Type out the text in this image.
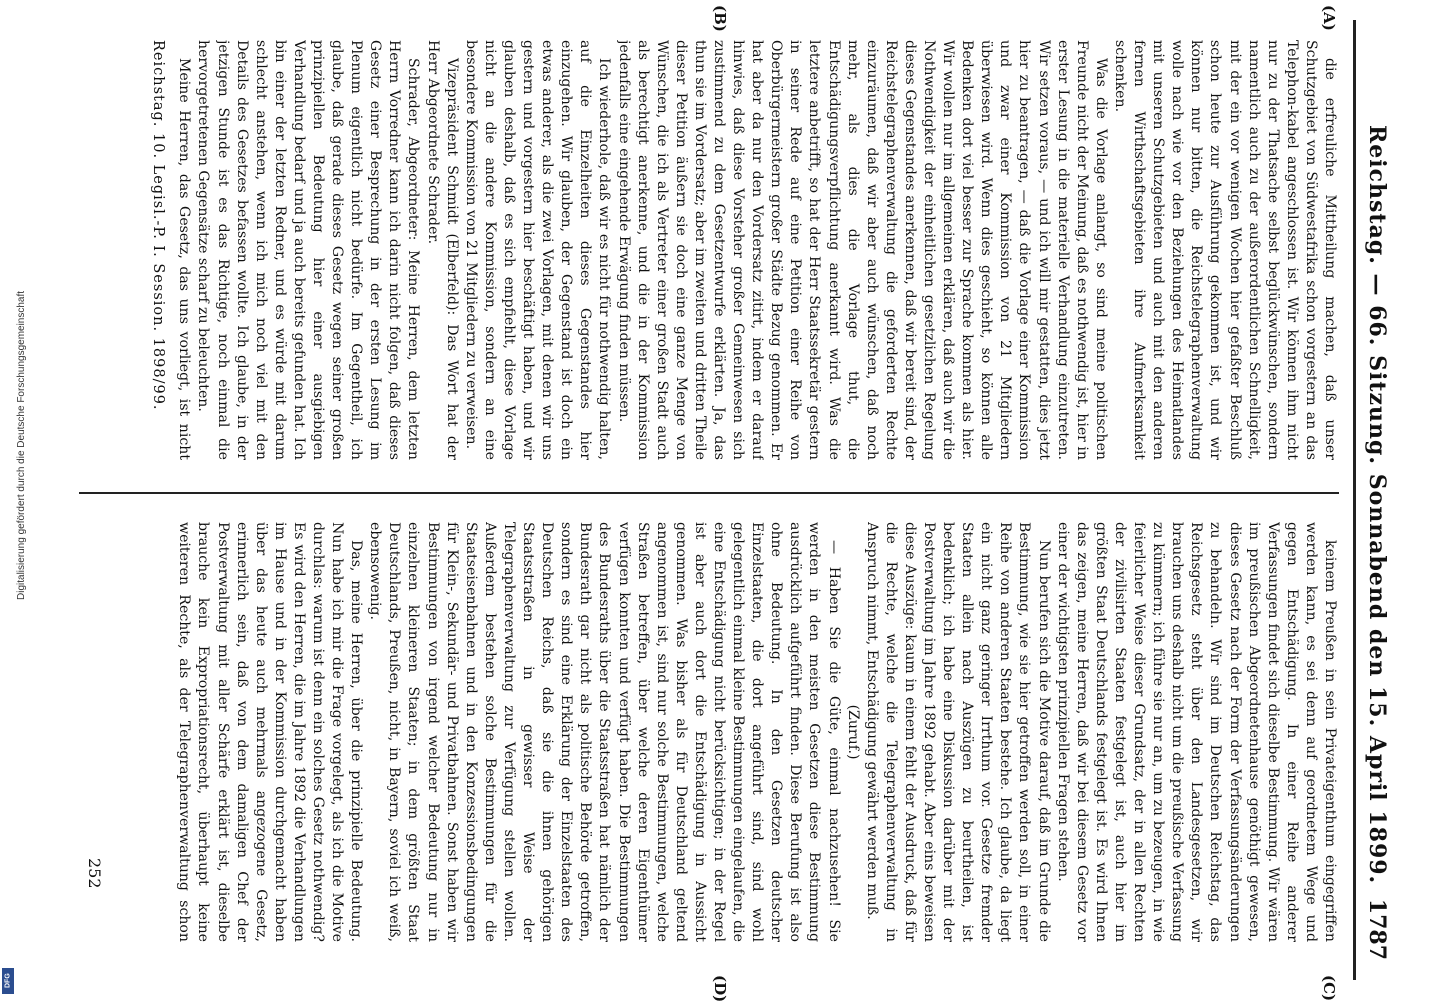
Digitalisierung gefördert durch die Deutsche Forschungsgemeinschaft
DFG
Reichstag. — 66. Sitzung. Sonnabend den 15. April 1899.
1787
(A)
(B)
(C)
(D)

die erfreuliche Mittheilung machen, daß unser Schutzgebiet von Südwestafrika schon vorgestern an das Telephon-kabel angeschlossen ist. Wir können ihm nicht nur zu der Thatsache selbst beglückwünschen, sondern namentlich auch zu der außerordentlichen Schnelligkeit, mit der ein vor wenigen Wochen hier gefaßter Beschluß schon heute zur Ausführung gekommen ist, und wir können nur bitten, die Reichstelegraphenverwaltung wolle nach wie vor den Beziehungen des Heimatlandes mit unseren Schutzgebieten und auch mit den anderen fernen Wirthschaftsgebieten ihre Aufmerksamkeit schenken.

Was die Vorlage anlangt, so sind meine politischen Freunde nicht der Meinung, daß es nothwendig ist, hier in erster Lesung in die materielle Verhandlung einzutreten. Wir setzen voraus, — und ich will mir gestatten, dies jetzt hier zu beantragen, — daß die Vorlage einer Kommission und zwar einer Kommission von 21 Mitgliedern überwiesen wird. Wenn dies geschieht, so können alle Bedenken dort viel besser zur Sprache kommen als hier. Wir wollen nur im allgemeinen erklären, daß auch wir die Nothwendigkeit der einheitlichen gesetzlichen Regelung dieses Gegenstandes anerkennen, daß wir bereit sind, der Reichstelegraphenverwaltung die geforderten Rechte einzuräumen, daß wir aber auch wünschen, daß noch mehr, als dies die Vorlage thut, die Entschädigungsverpflichtung anerkannt wird. Was die letztere anbetrifft, so hat der Herr Staatssekretär gestern in seiner Rede auf eine Petition einer Reihe von Oberbürgermeistern großer Städte Bezug genommen. Er hat aber da nur den Vordersatz zitirt, indem er darauf hinwies, daß diese Vorsteher großer Gemeinwesen sich zustimmend zu dem Gesetzentwurfe erklärten. Ja, das thun sie im Vordersatz; aber im zweiten und dritten Theile dieser Petition äußern sie doch eine ganze Menge von Wünschen, die ich als Vertreter einer großen Stadt auch als berechtigt anerkenne, und die in der Kommission jedenfalls eine eingehende Erwägung finden müssen.

Ich wiederhole, daß wir es nicht für nothwendig halten, auf die Einzelheiten dieses Gegenstandes hier einzugehen. Wir glauben, der Gegenstand ist doch ein etwas anderer, als die zwei Vorlagen, mit denen wir uns gestern und vorgestern hier beschäftigt haben, und wir glauben deshalb, daß es sich empfiehlt, diese Vorlage nicht an die andere Kommission, sondern an eine besondere Kommission von 21 Mitgliedern zu verweisen.

Vizepräsident Schmidt (Elberfeld): Das Wort hat der Herr Abgeordnete Schrader.

Schrader, Abgeordneter: Meine Herren, dem letzten Herrn Vorredner kann ich darin nicht folgen, daß dieses Gesetz einer Besprechung in der ersten Lesung im Plenum eigentlich nicht bedürfe. Im Gegentheil, ich glaube, daß gerade dieses Gesetz wegen seiner großen prinzipiellen Bedeutung hier einer ausgiebigen Verhandlung bedarf und ja auch bereits gefunden hat. Ich bin einer der letzten Redner, und es würde mit darum schlecht anstehen, wenn ich mich noch viel mit den Details des Gesetzes befassen wollte. Ich glaube, in der jetzigen Stunde ist es das Richtige, noch einmal die hervorgetretenen Gegensätze scharf zu beleuchten.

Meine Herren, das Gesetz, das uns vorliegt, ist nicht

keinem Preußen in sein Privateigenthum eingegriffen werden kann, es sei denn auf geordnetem Wege und gegen Entschädigung. In einer Reihe anderer Verfassungen findet sich dieselbe Bestimmung. Wir wären im preußischen Abgeordnetenhause genöthigt gewesen, dieses Gesetz nach der Form der Verfassungsänderungen zu behandeln. Wir sind im Deutschen Reichstag, das Reichsgesetz steht über den Landesgesetzen, wir brauchen uns deshalb nicht um die preußische Verfassung zu kümmern; ich führe sie nur an, um zu bezeugen, in wie feierlicher Weise dieser Grundsatz, der in allen Rechten der zivilisirten Staaten festgelegt ist, auch hier im größten Staat Deutschlands festgelegt ist. Es wird Ihnen das zeigen, meine Herren, daß wir bei diesem Gesetz vor einer der wichtigsten prinzipiellen Fragen stehen.

Nun berufen sich die Motive darauf, daß im Grunde die Bestimmung, wie sie hier getroffen werden soll, in einer Reihe von anderen Staaten bestehe. Ich glaube, da liegt ein nicht ganz geringer Irrthum vor. Gesetze fremder Staaten allein nach Auszügen zu beurtheilen, ist bedenklich; ich habe eine Diskussion darüber mit der Postverwaltung im Jahre 1892 gehabt. Aber eins beweisen diese Auszüge: kaum in einem fehlt der Ausdruck, daß für die Rechte, welche die Telegraphenverwaltung in Anspruch nimmt, Entschädigung gewährt werden muß.

(Zuruf.)

— Haben Sie die Güte, einmal nachzusehen! Sie werden in den meisten Gesetzen diese Bestimmung ausdrücklich aufgeführt finden. Diese Berufung ist also ohne Bedeutung. In den Gesetzen deutscher Einzelstaaten, die dort angeführt sind, sind wohl gelegentlich einmal kleine Bestimmungen eingelaufen, die eine Entschädigung nicht berücksichtigen; in der Regel ist aber auch dort die Entschädigung in Aussicht genommen. Was bisher als für Deutschland geltend angenommen ist, sind nur solche Bestimmungen, welche Straßen betreffen, über welche deren Eigenthümer verfügen konnten und verfügt haben. Die Bestimmungen des Bundesraths über die Staatsstraßen hat nämlich der Bundesrath gar nicht als politische Behörde getroffen, sondern es sind eine Erklärung der Einzelstaaten des Deutschen Reichs, daß sie die ihnen gehörigen Staatsstraßen in gewisser Weise der Telegraphenverwaltung zur Verfügung stellen wollen. Außerdem bestehen solche Bestimmungen für die Staatseisenbahnen und in den Konzessionsbedingungen für Klein-, Sekundär- und Privatbahnen. Sonst haben wir Bestimmungen von irgend welcher Bedeutung nur in einzelnen kleineren Staaten; in dem größten Staat Deutschlands, Preußen, nicht, in Bayern, soviel ich weiß, ebensowenig.

Das, meine Herren, über die prinzipielle Bedeutung. Nun habe ich mir die Frage vorgelegt, als ich die Motive durchlas: warum ist denn ein solches Gesetz nothwendig? Es wird den Herren, die im Jahre 1892 die Verhandlungen im Hause und in der Kommission durchgemacht haben über das heute auch mehrmals angezogene Gesetz, erinnerlich sein, daß von dem damaligen Chef der Postverwaltung mit aller Schärfe erklärt ist, dieselbe brauche kein Expropriationsrecht, überhaupt keine weiteren Rechte, als der Telegraphenverwaltung schon

Reichstag. 10. Legisl.-P. I. Session. 1898/99.
252
